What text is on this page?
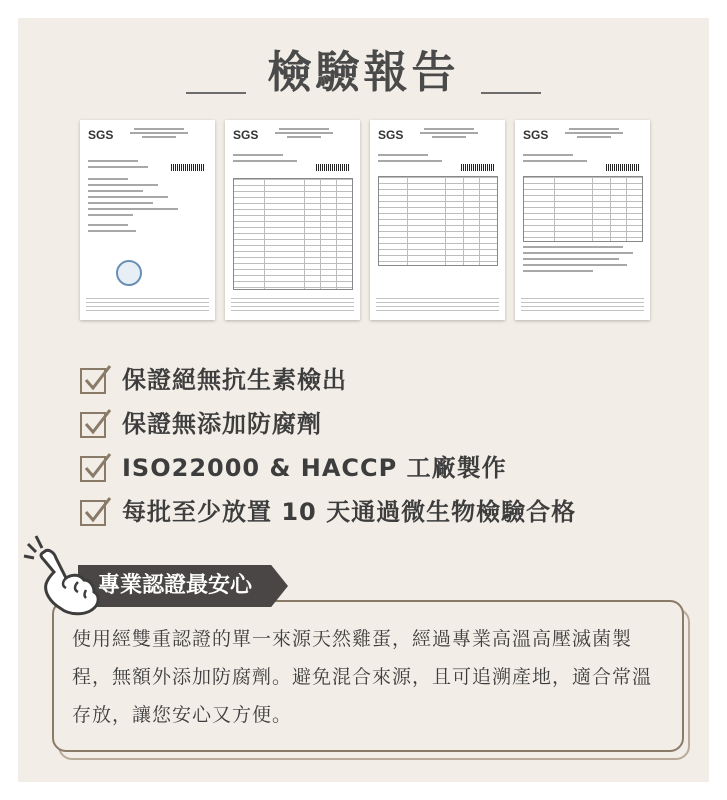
檢驗報告
SGS	SGS	SGS	SGS
保證絕無抗生素檢出
保證無添加防腐劑
ISO22000 & HACCP 工廠製作
每批至少放置 10 天通過微生物檢驗合格
使用經雙重認證的單一來源天然雞蛋，經過專業高溫高壓滅菌製程，無額外添加防腐劑。避免混合來源，且可追溯產地，適合常溫存放，讓您安心又方便。
專業認證最安心
